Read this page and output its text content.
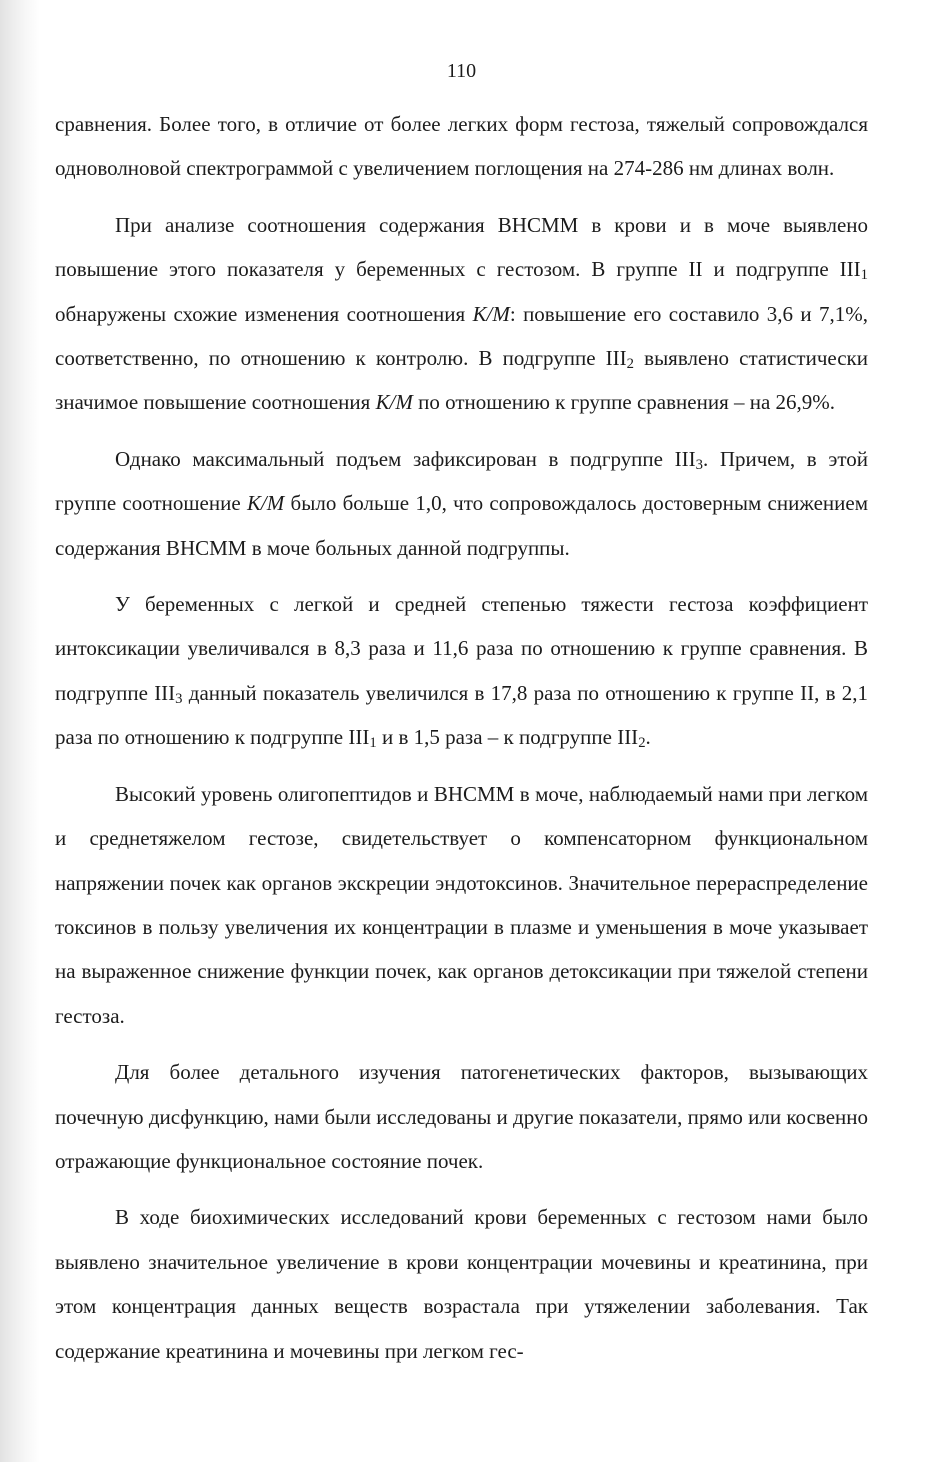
110

сравнения. Более того, в отличие от более легких форм гестоза, тяжелый сопровождался одноволновой спектрограммой с увеличением поглощения на 274-286 нм длинах волн.

При анализе соотношения содержания ВНСММ в крови и в моче выявлено повышение этого показателя у беременных с гестозом. В группе II и подгруппе $III_1$ обнаружены схожие изменения соотношения К/М: повышение его составило 3,6 и 7,1%, соответственно, по отношению к контролю. В подгруппе $III_2$ выявлено статистически значимое повышение соотношения К/М по отношению к группе сравнения – на 26,9%.

Однако максимальный подъем зафиксирован в подгруппе $III_3$. Причем, в этой группе соотношение К/М было больше 1,0, что сопровождалось достоверным снижением содержания ВНСММ в моче больных данной подгруппы.

У беременных с легкой и средней степенью тяжести гестоза коэффициент интоксикации увеличивался в 8,3 раза и 11,6 раза по отношению к группе сравнения. В подгруппе $III_3$ данный показатель увеличился в 17,8 раза по отношению к группе II, в 2,1 раза по отношению к подгруппе $III_1$ и в 1,5 раза – к подгруппе $III_2$.

Высокий уровень олигопептидов и ВНСММ в моче, наблюдаемый нами при легком и среднетяжелом гестозе, свидетельствует о компенсаторном функциональном напряжении почек как органов экскреции эндотоксинов. Значительное перераспределение токсинов в пользу увеличения их концентрации в плазме и уменьшения в моче указывает на выраженное снижение функции почек, как органов детоксикации при тяжелой степени гестоза.

Для более детального изучения патогенетических факторов, вызывающих почечную дисфункцию, нами были исследованы и другие показатели, прямо или косвенно отражающие функциональное состояние почек.

В ходе биохимических исследований крови беременных с гестозом нами было выявлено значительное увеличение в крови концентрации мочевины и креатинина, при этом концентрация данных веществ возрастала при утяжелении заболевания. Так содержание креатинина и мочевины при легком гес-
